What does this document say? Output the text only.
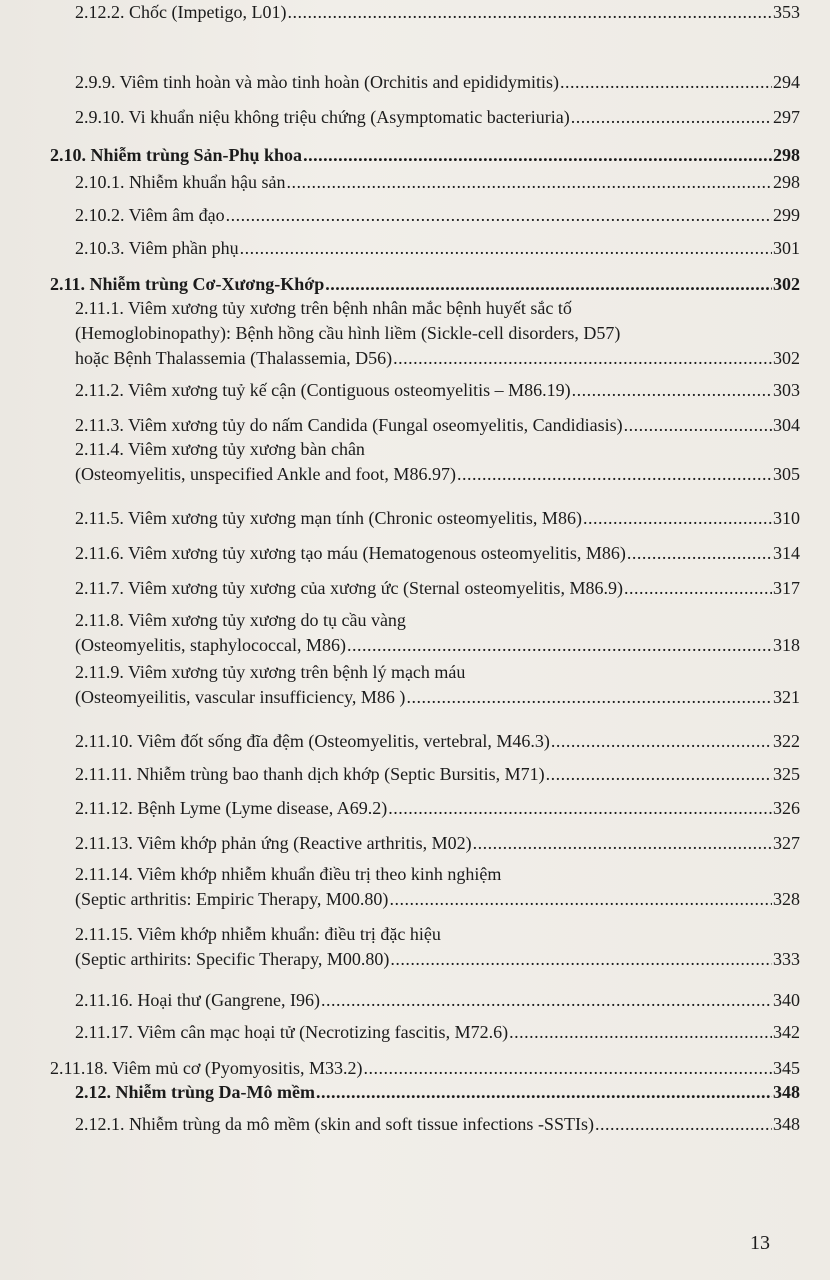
2.9.9. Viêm tinh hoàn và mào tinh hoàn (Orchitis and epididymitis) .....	294
2.9.10. Vi khuẩn niệu không triệu chứng (Asymptomatic bacteriuria) .....	297
2.10. Nhiễm trùng Sản-Phụ khoa .....	298
2.10.1. Nhiễm khuẩn hậu sản .....	298
2.10.2. Viêm âm đạo .....	299
2.10.3. Viêm phần phụ .....	301
2.11. Nhiễm trùng Cơ-Xương-Khớp .....	302
2.11.1. Viêm xương tủy xương trên bệnh nhân mắc bệnh huyết sắc tố
(Hemoglobinopathy): Bệnh hồng cầu hình liềm (Sickle-cell disorders, D57)
hoặc Bệnh Thalassemia (Thalassemia, D56) .....	302
2.11.2. Viêm xương tuỷ kế cận (Contiguous osteomyelitis – M86.19) .....	303
2.11.3. Viêm xương tủy do nấm Candida (Fungal oseomyelitis, Candidiasis) .....	304
2.11.4. Viêm xương tủy xương bàn chân
(Osteomyelitis, unspecified Ankle and foot, M86.97) .....	305
2.11.5. Viêm xương tủy xương mạn tính (Chronic osteomyelitis, M86) .....	310
2.11.6. Viêm xương tủy xương tạo máu (Hematogenous osteomyelitis, M86) .....	314
2.11.7. Viêm xương tủy xương của xương ức (Sternal osteomyelitis, M86.9) .....	317
2.11.8. Viêm xương tủy xương do tụ cầu vàng
(Osteomyelitis, staphylococcal, M86) .....	318
2.11.9. Viêm xương tủy xương trên bệnh lý mạch máu
(Osteomyeilitis, vascular insufficiency, M86 ) .....	321
2.11.10. Viêm đốt sống đĩa đệm (Osteomyelitis, vertebral, M46.3) .....	322
2.11.11. Nhiễm trùng bao thanh dịch khớp (Septic Bursitis, M71) .....	325
2.11.12. Bệnh Lyme (Lyme disease, A69.2) .....	326
2.11.13. Viêm khớp phản ứng (Reactive arthritis, M02) .....	327
2.11.14. Viêm khớp nhiễm khuẩn điều trị theo kinh nghiệm
(Septic arthritis: Empiric Therapy, M00.80) .....	328
2.11.15. Viêm khớp nhiễm khuẩn: điều trị đặc hiệu
(Septic arthirits: Specific Therapy, M00.80) .....	333
2.11.16. Hoại thư (Gangrene, I96) .....	340
2.11.17. Viêm cân mạc hoại tử (Necrotizing fascitis, M72.6) .....	342
2.11.18. Viêm mủ cơ (Pyomyositis, M33.2) .....	345
2.12. Nhiễm trùng Da-Mô mềm .....	348
2.12.1. Nhiễm trùng da mô mềm (skin and soft tissue infections -SSTIs) .....	348
2.12.2. Chốc (Impetigo, L01) .....	353
13
